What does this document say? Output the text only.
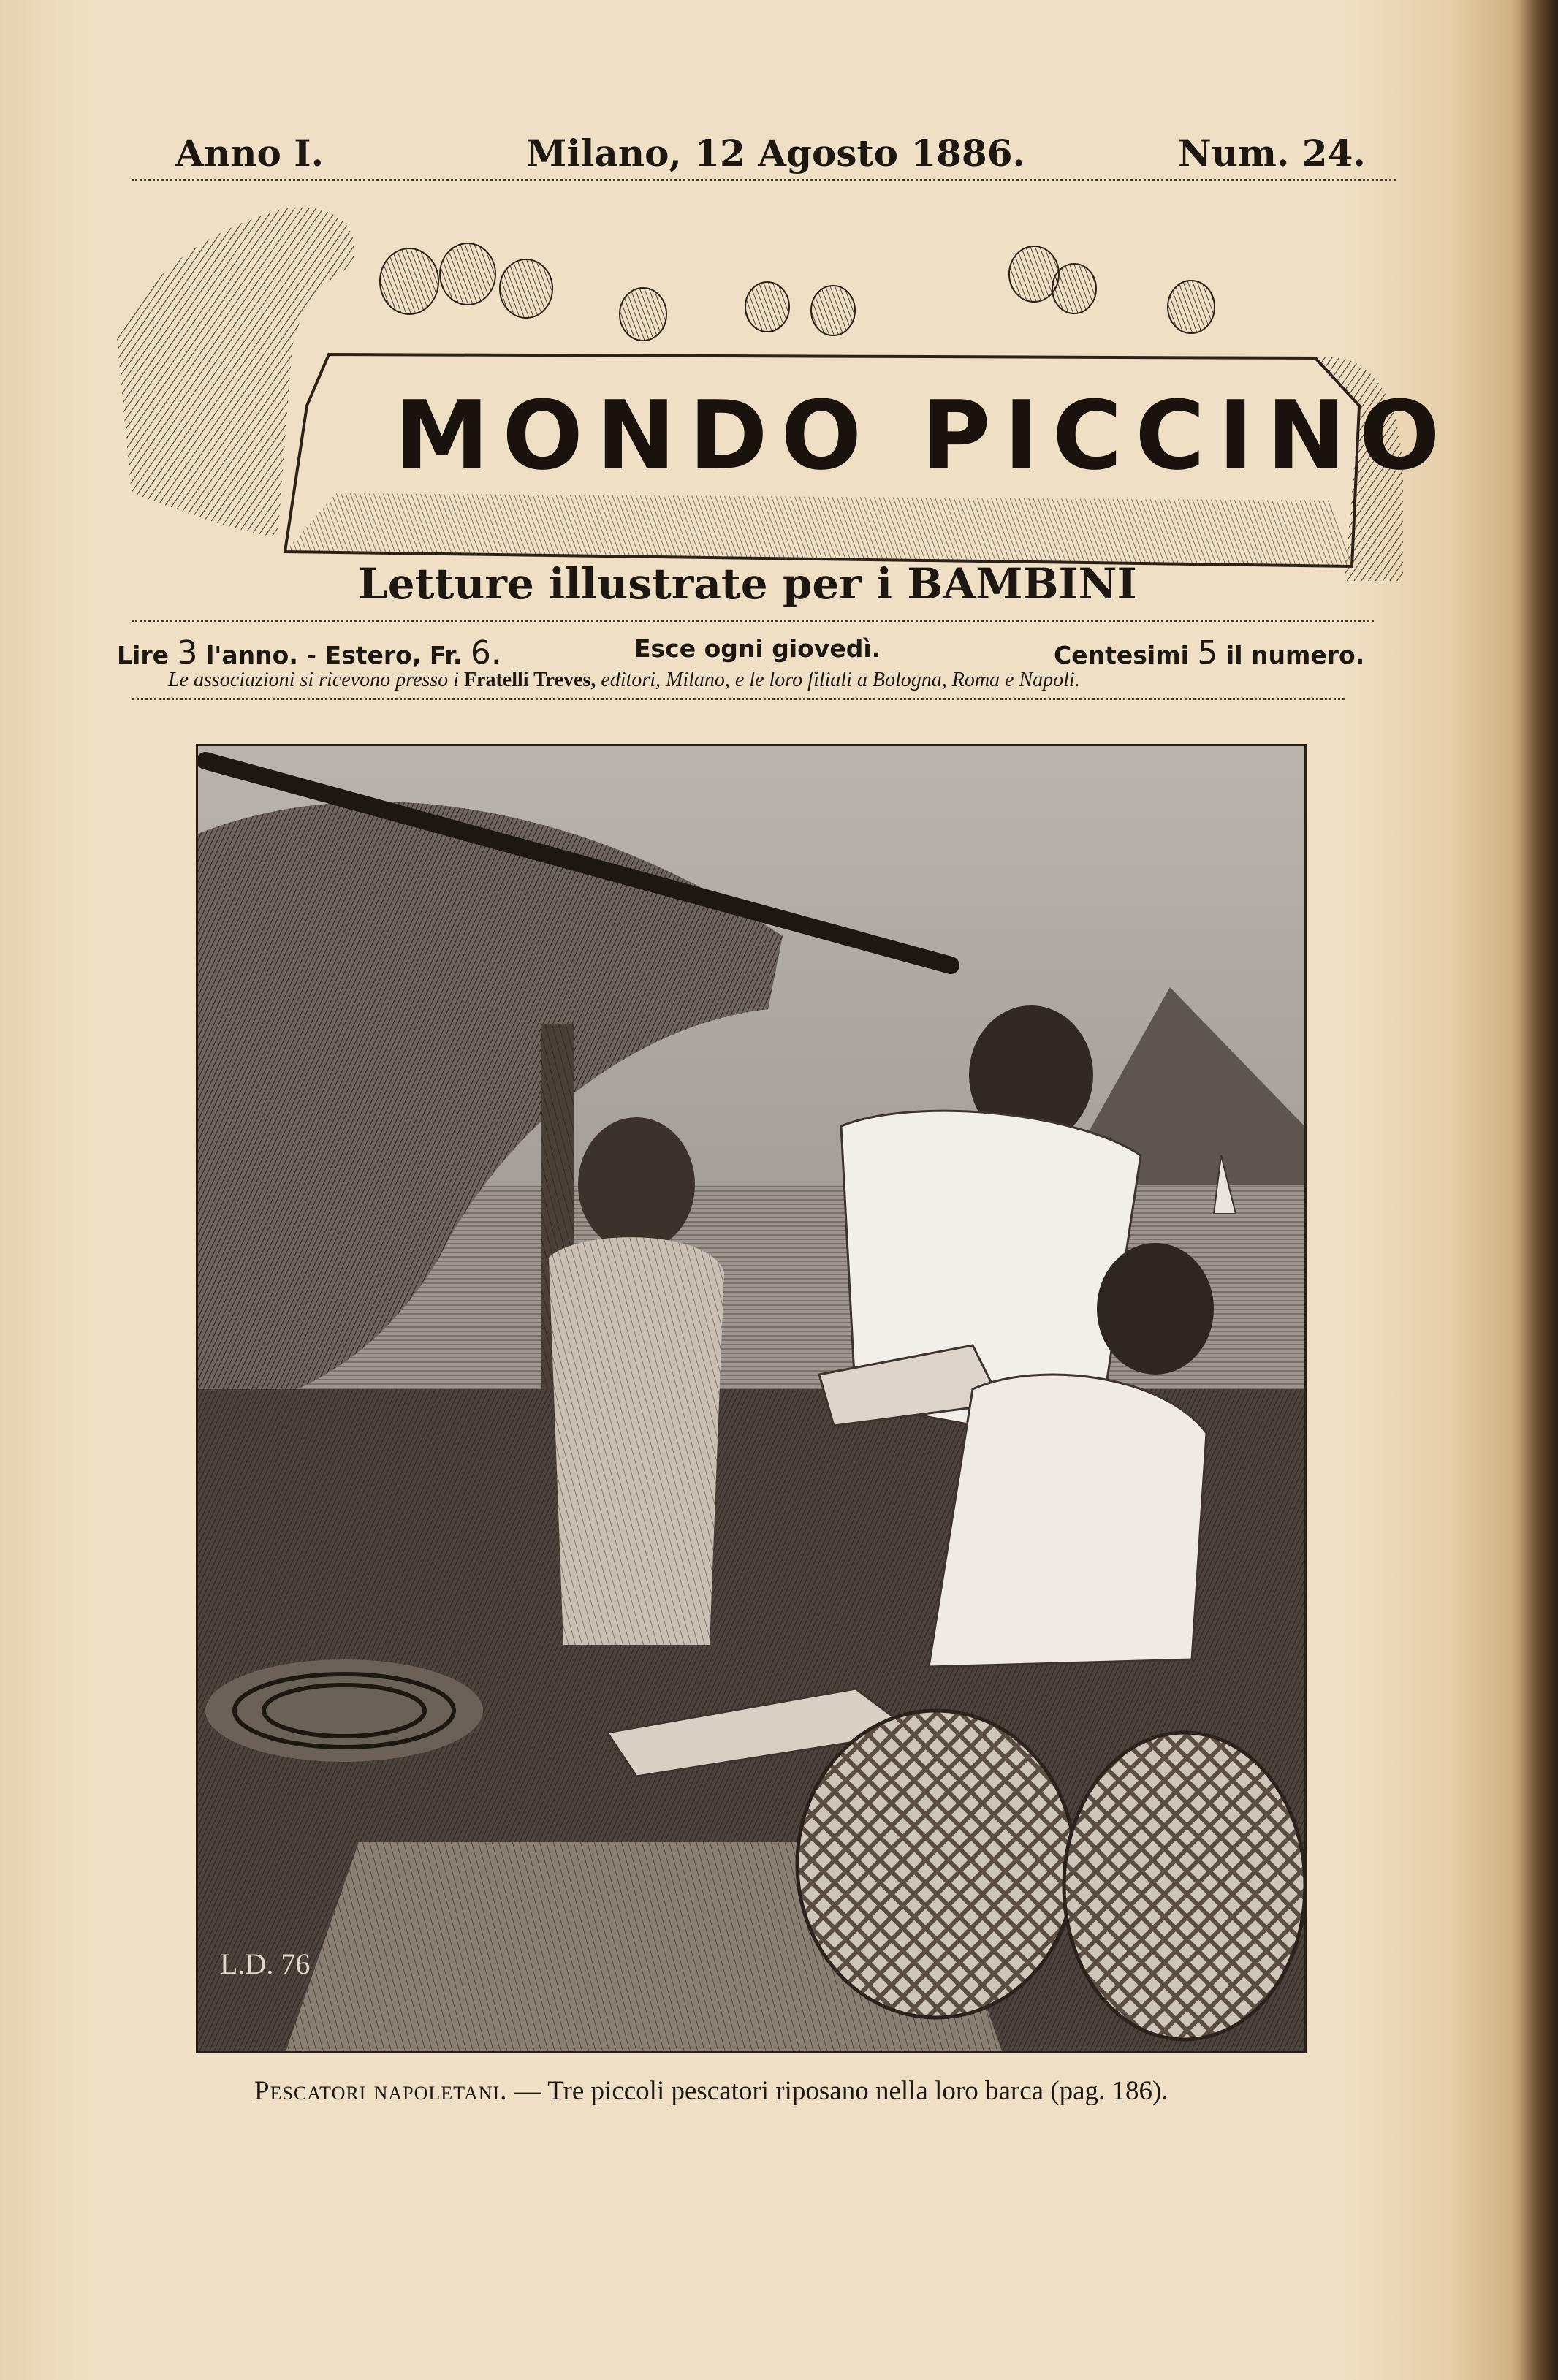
Anno I.	Milano, 12 Agosto 1886.	Num. 24.
MONDO PICCINO
Letture illustrate per i BAMBINI
Lire 3 l'anno. - Estero, Fr. 6.	Esce ogni giovedì.	Centesimi 5 il numero.
Le associazioni si ricevono presso i Fratelli Treves, editori, Milano, e le loro filiali a Bologna, Roma e Napoli.
L.D. 76
Pescatori napoletani. — Tre piccoli pescatori riposano nella loro barca (pag. 186).
